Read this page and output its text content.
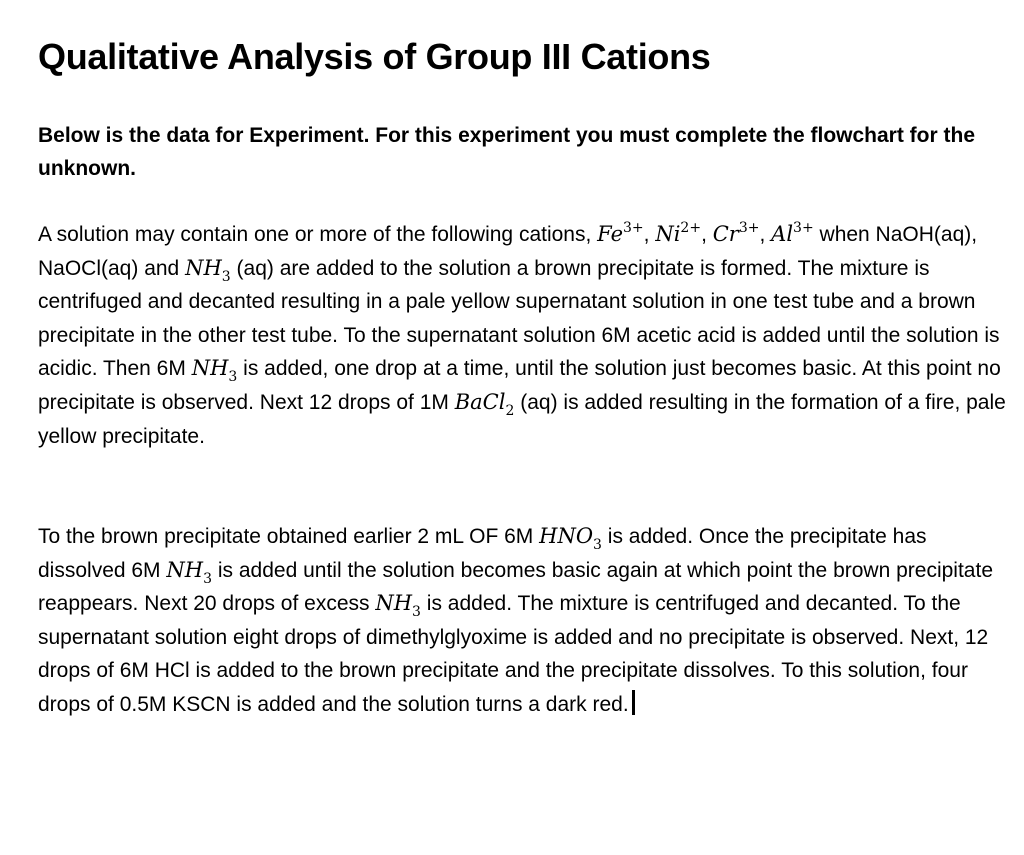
Qualitative Analysis of Group III Cations

Below is the data for Experiment. For this experiment you must complete the flowchart for the unknown.

A solution may contain one or more of the following cations, $Fe^{3+}$, $Ni^{2+}$, $Cr^{3+}$, $Al^{3+}$ when NaOH(aq), NaOCl(aq) and $NH_3$ (aq) are added to the solution a brown precipitate is formed. The mixture is centrifuged and decanted resulting in a pale yellow supernatant solution in one test tube and a brown precipitate in the other test tube. To the supernatant solution 6M acetic acid is added until the solution is acidic. Then 6M $NH_3$ is added, one drop at a time, until the solution just becomes basic. At this point no precipitate is observed. Next 12 drops of 1M BaCl$_2$ (aq) is added resulting in the formation of a fire, pale yellow precipitate.

To the brown precipitate obtained earlier 2 mL OF 6M $HNO_3$ is added. Once the precipitate has dissolved 6M $NH_3$ is added until the solution becomes basic again at which point the brown precipitate reappears. Next 20 drops of excess $NH_3$ is added. The mixture is centrifuged and decanted. To the supernatant solution eight drops of dimethylglyoxime is added and no precipitate is observed. Next, 12 drops of 6M HCl is added to the brown precipitate and the precipitate dissolves. To this solution, four drops of 0.5M KSCN is added and the solution turns a dark red.
